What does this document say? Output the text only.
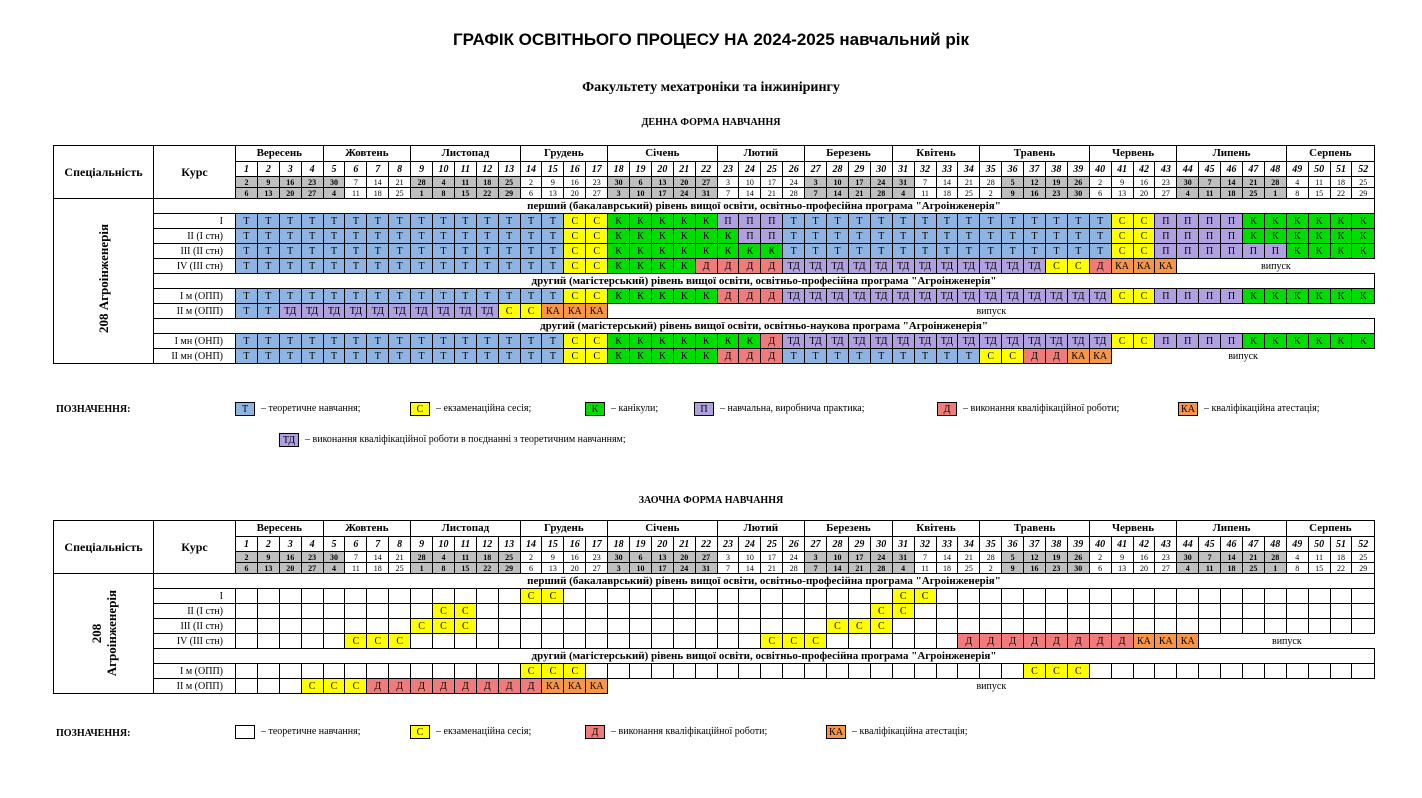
ГРАФІК ОСВІТНЬОГО ПРОЦЕСУ НА 2024-2025 навчальний рік
Факультету мехатроніки та інжинірингу
ДЕННА ФОРМА НАВЧАННЯ
Спеціальність	Курс	Вересень				Жовтень				Листопад					Грудень				Січень					Лютий				Березень				Квітень				Травень					Червень				Липень					Серпень			
		1	2	3	4	5	6	7	8	9	10	11	12	13	14	15	16	17	18	19	20	21	22	23	24	25	26	27	28	29	30	31	32	33	34	35	36	37	38	39	40	41	42	43	44	45	46	47	48	49	50	51	52
		2	9	16	23	30	7	14	21	28	4	11	18	25	2	9	16	23	30	6	13	20	27	3	10	17	24	3	10	17	24	31	7	14	21	28	5	12	19	26	2	9	16	23	30	7	14	21	28	4	11	18	25
		6	13	20	27	4	11	18	25	1	8	15	22	29	6	13	20	27	3	10	17	24	31	7	14	21	28	7	14	21	28	4	11	18	25	2	9	16	23	30	6	13	20	27	4	11	18	25	1	8	15	22	29
208 Агроінженерія	перший (бакалаврський) рівень вищої освіти, освітньо-професійна програма "Агроінженерія"																																																				
	I	Т	Т	Т	Т	Т	Т	Т	Т	Т	Т	Т	Т	Т	Т	Т	С	С	К	К	К	К	К	П	П	П	Т	Т	Т	Т	Т	Т	Т	Т	Т	Т	Т	Т	Т	Т	Т	С	С	П	П	П	П	К	К	К	К	К	К
	II (І стн)	Т	Т	Т	Т	Т	Т	Т	Т	Т	Т	Т	Т	Т	Т	Т	С	С	К	К	К	К	К	К	П	П	Т	Т	Т	Т	Т	Т	Т	Т	Т	Т	Т	Т	Т	Т	Т	С	С	П	П	П	П	К	К	К	К	К	К
	III (ІІ стн)	Т	Т	Т	Т	Т	Т	Т	Т	Т	Т	Т	Т	Т	Т	Т	С	С	К	К	К	К	К	К	К	К	Т	Т	Т	Т	Т	Т	Т	Т	Т	Т	Т	Т	Т	Т	Т	С	С	П	П	П	П	П	П	К	К	К	К
	IV (ІІІ стн)	Т	Т	Т	Т	Т	Т	Т	Т	Т	Т	Т	Т	Т	Т	Т	С	С	К	К	К	К	Д	Д	Д	Д	ТД	ТД	ТД	ТД	ТД	ТД	ТД	ТД	ТД	ТД	ТД	ТД	С	С	Д	КА	КА	КА	випуск								
	другий (магістерський) рівень вищої освіти, освітньо-професійна програма "Агроінженерія"																																																				
	I м (ОПП)	Т	Т	Т	Т	Т	Т	Т	Т	Т	Т	Т	Т	Т	Т	Т	С	С	К	К	К	К	К	Д	Д	Д	ТД	ТД	ТД	ТД	ТД	ТД	ТД	ТД	ТД	ТД	ТД	ТД	ТД	ТД	ТД	С	С	П	П	П	П	К	К	К	К	К	К
	II м (ОПП)	Т	Т	ТД	ТД	ТД	ТД	ТД	ТД	ТД	ТД	ТД	ТД	С	С	КА	КА	КА	випуск																																		
	другий (магістерський) рівень вищої освіти, освітньо-наукова програма "Агроінженерія"																																																				
	I мн (ОНП)	Т	Т	Т	Т	Т	Т	Т	Т	Т	Т	Т	Т	Т	Т	Т	С	С	К	К	К	К	К	К	К	Д	ТД	ТД	ТД	ТД	ТД	ТД	ТД	ТД	ТД	ТД	ТД	ТД	ТД	ТД	ТД	С	С	П	П	П	П	К	К	К	К	К	К
	II мн (ОНП)	Т	Т	Т	Т	Т	Т	Т	Т	Т	Т	Т	Т	Т	Т	Т	С	С	К	К	К	К	К	Д	Д	Д	Т	Т	Т	Т	Т	Т	Т	Т	Т	С	С	Д	Д	КА	КА	випуск											
ЗАОЧНА ФОРМА НАВЧАННЯ
Спеціальність	Курс	Вересень				Жовтень				Листопад					Грудень				Січень					Лютий				Березень				Квітень				Травень					Червень				Липень					Серпень			
		1	2	3	4	5	6	7	8	9	10	11	12	13	14	15	16	17	18	19	20	21	22	23	24	25	26	27	28	29	30	31	32	33	34	35	36	37	38	39	40	41	42	43	44	45	46	47	48	49	50	51	52
		2	9	16	23	30	7	14	21	28	4	11	18	25	2	9	16	23	30	6	13	20	27	3	10	17	24	3	10	17	24	31	7	14	21	28	5	12	19	26	2	9	16	23	30	7	14	21	28	4	11	18	25
		6	13	20	27	4	11	18	25	1	8	15	22	29	6	13	20	27	3	10	17	24	31	7	14	21	28	7	14	21	28	4	11	18	25	2	9	16	23	30	6	13	20	27	4	11	18	25	1	8	15	22	29

208 Агроінженерія	перший (бакалаврський) рівень вищої освіти, освітньо-професійна програма "Агроінженерія"																																																				
	I														С	С																С	С																				
	II (І стн)										С	С																			С	С																					
	III (ІІ стн)									С	С	С																	С	С	С																						
	IV (ІІІ стн)						С	С	С																	С	С	С							Д	Д	Д	Д	Д	Д	Д	Д	КА	КА	КА	випуск							
	другий (магістерський) рівень вищої освіти, освітньо-професійна програма "Агроінженерія"																																																				
	I м (ОПП)														С	С	С																					С	С	С													
	II м (ОПП)				С	С	С	Д	Д	Д	Д	Д	Д	Д	Д	КА	КА	КА	випуск																																		
ПОЗНАЧЕННЯ:	Т	– теоретичне навчання;	С	– екзаменаційна сесія;	К	– канікули;	П	– навчальна, виробнича практика;	Д	– виконання кваліфікаційної роботи;	КА – кваліфікаційна атестація;
ТД – виконання кваліфікаційної роботи в поєднанні з теоретичним навчанням;
ПОЗНАЧЕННЯ:	– теоретичне навчання;	С	– екзаменаційна сесія;	Д	– виконання кваліфікаційної роботи;	КА – кваліфікаційна атестація;
